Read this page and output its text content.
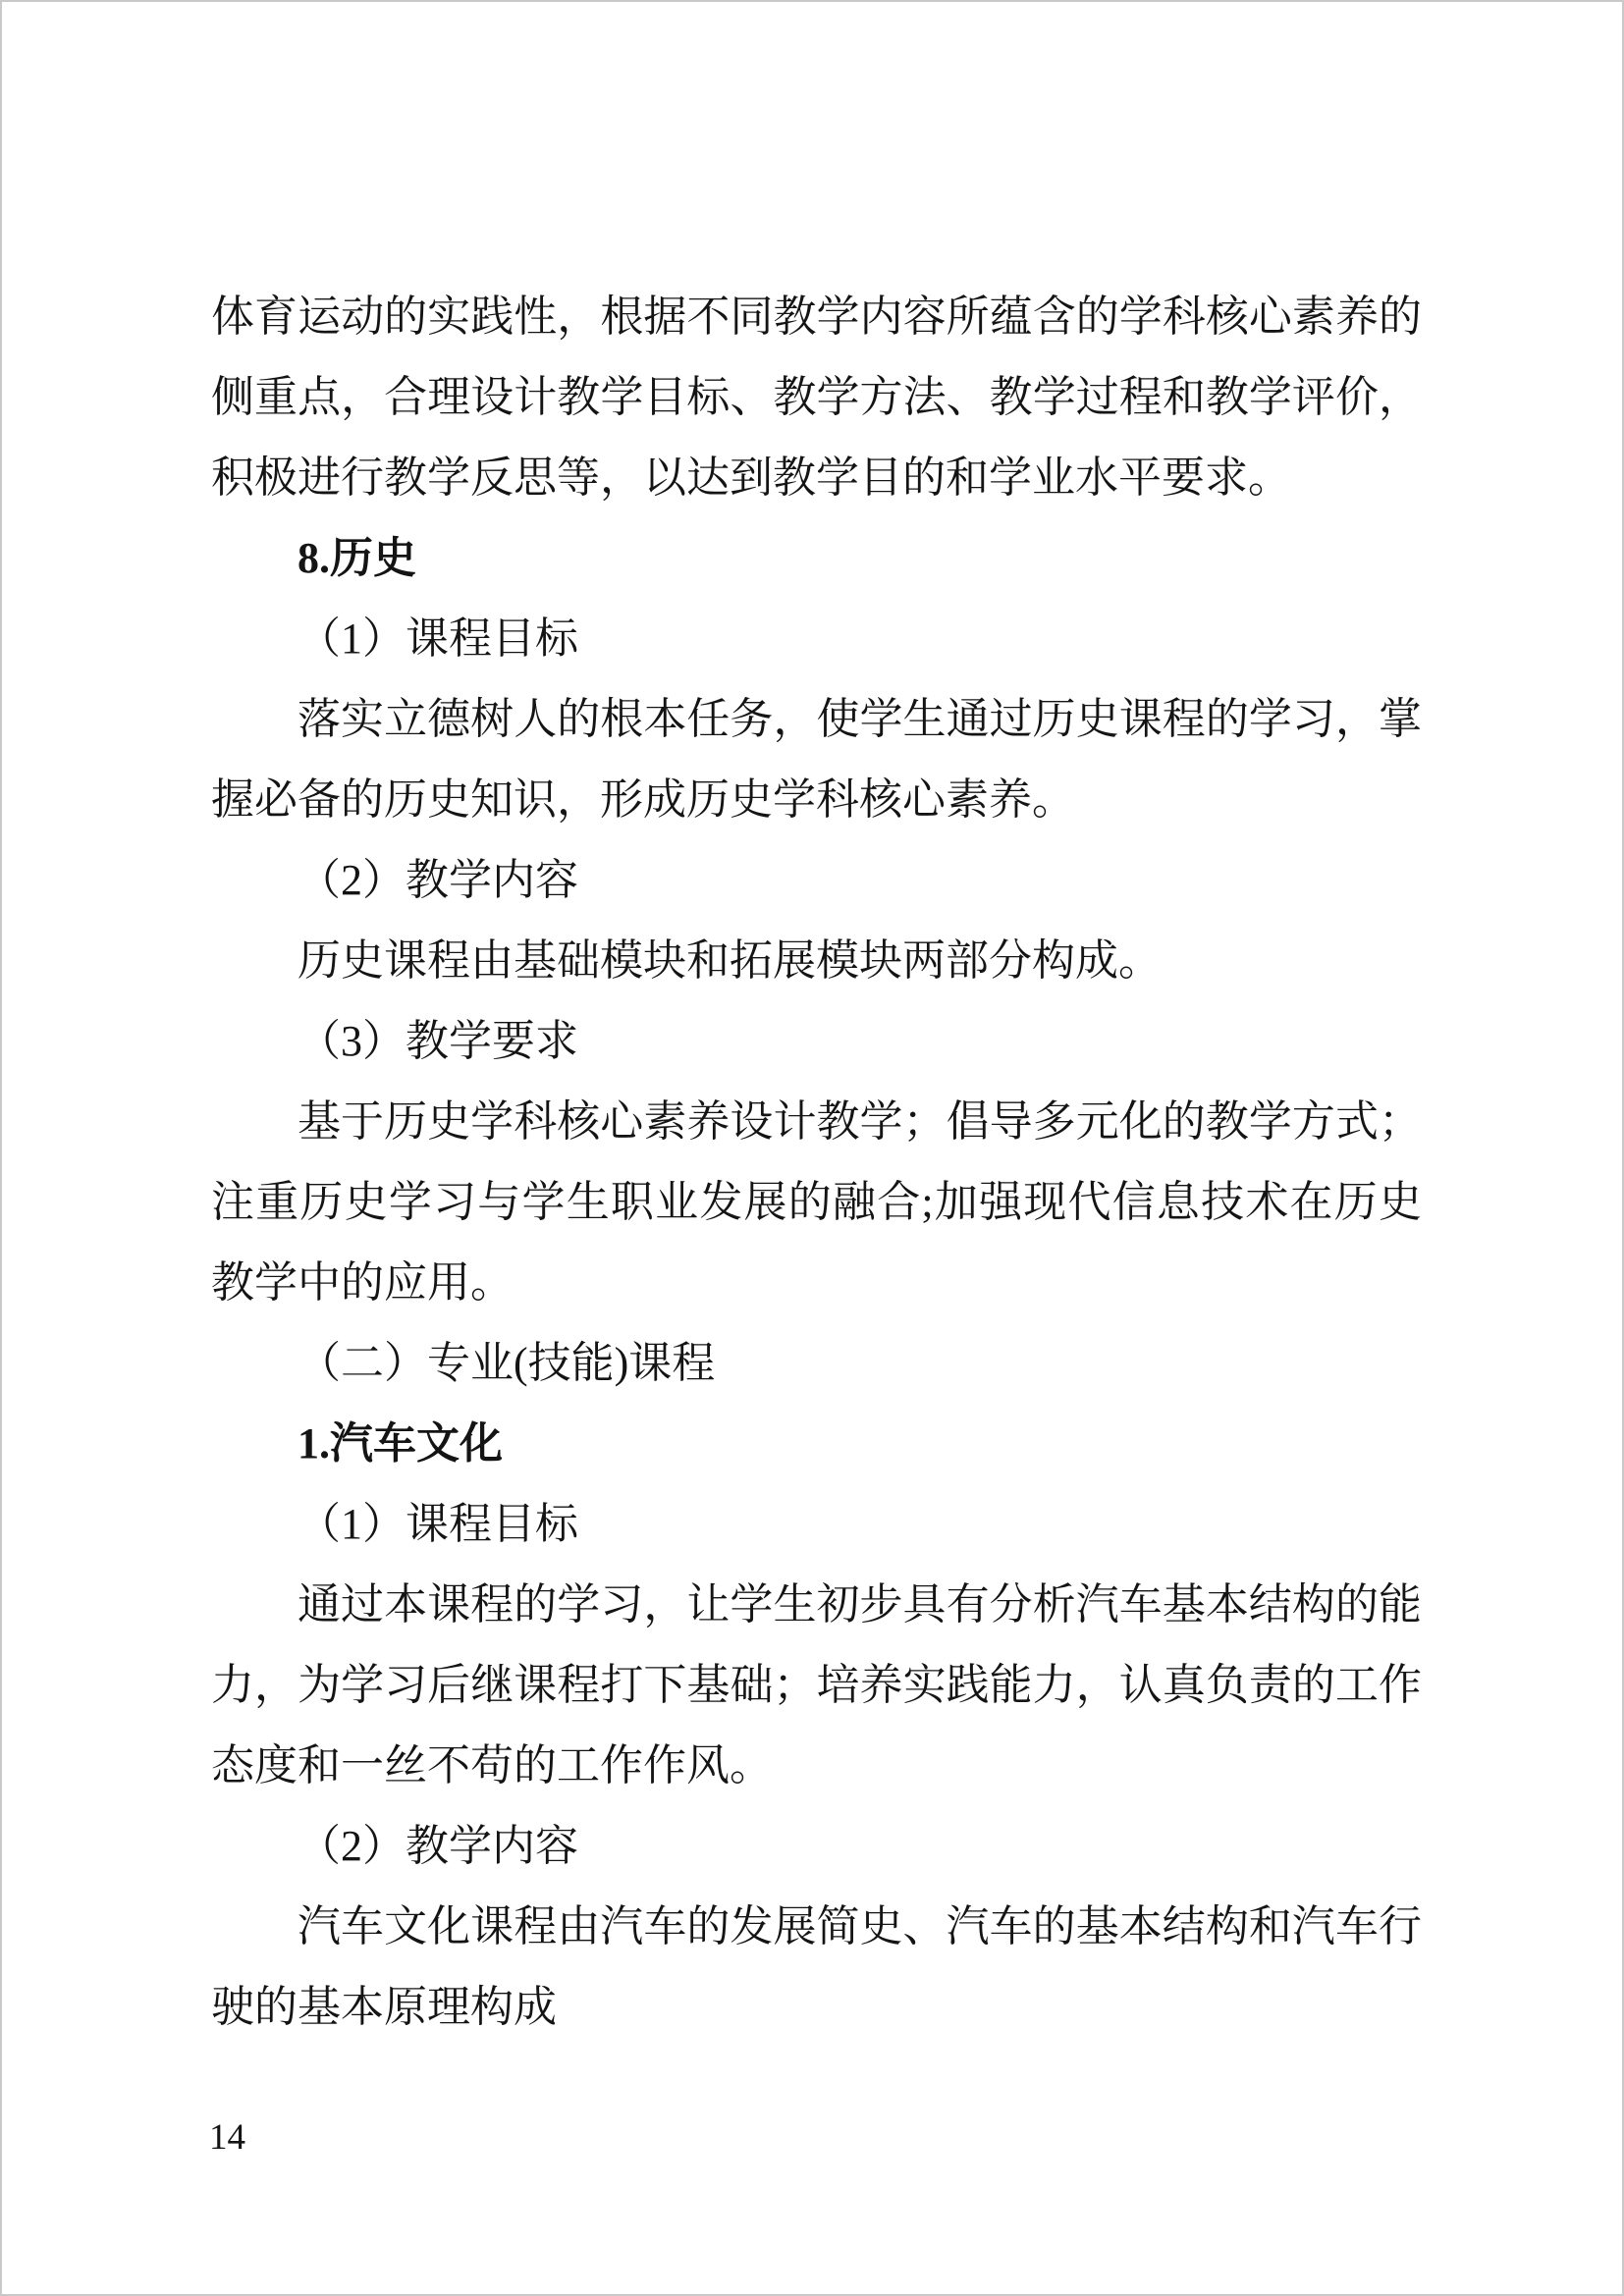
体育运动的实践性，根据不同教学内容所蕴含的学科核心素养的
侧重点，合理设计教学目标、教学方法、教学过程和教学评价，
积极进行教学反思等，以达到教学目的和学业水平要求。
8.历史
（1）课程目标
落实立德树人的根本任务，使学生通过历史课程的学习，掌
握必备的历史知识，形成历史学科核心素养。
（2）教学内容
历史课程由基础模块和拓展模块两部分构成。
（3）教学要求
基于历史学科核心素养设计教学；倡导多元化的教学方式；
注重历史学习与学生职业发展的融合;加强现代信息技术在历史
教学中的应用。
（二）专业(技能)课程
1.汽车文化
（1）课程目标
通过本课程的学习，让学生初步具有分析汽车基本结构的能
力，为学习后继课程打下基础；培养实践能力，认真负责的工作
态度和一丝不苟的工作作风。
（2）教学内容
汽车文化课程由汽车的发展简史、汽车的基本结构和汽车行
驶的基本原理构成
14
